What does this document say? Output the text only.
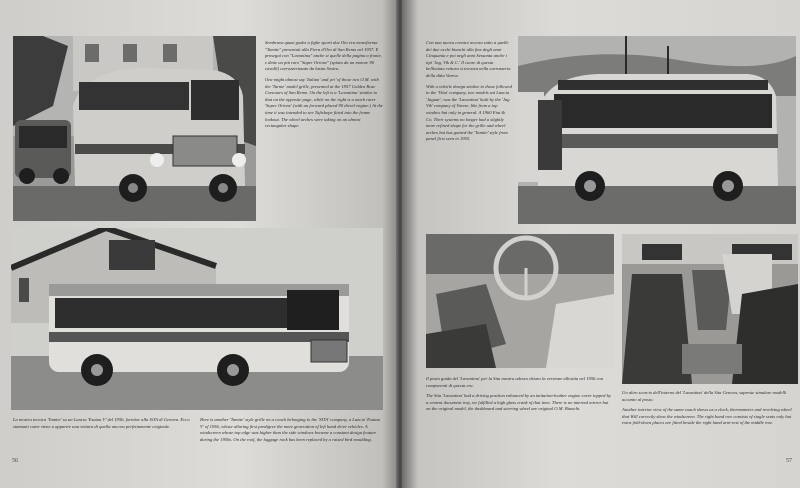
Sembrava quasi godes a fighe sporti due Oto era monoforma "Tamite" presentati alla Fiera d'Oro di San Remo nel 1957. E proseguì con "Lavantina" anche si quelle della pagina a fronte, e dette un più raro "Super Orione" (spinta da un motore 90 cavalli) carrozzerizzato da lastia Sostra.

One might almost say 'Italian' and yet 'of those two O.M. with the 'Tarme' model grille, presented at the 1957 Golden Rose Concours of San Remo. On the left is a 'Lavantina' similar to that on the opposite page, while on the right is a much rarer 'Super Orione' (with an forward placed 90 diesel engine.) At the time it was intended to see Tuftshope fitted into the frame lookout. The wheel arches were taking on an almost rectangular shape.

La mostra tecnica 'Tamite' su un Lancia 'Esatau V' del 1956, fornitor alla SiTA di Genova. Ecco stamanti come viene a apparire una vettura di quella ancora perfettamente originale.

Here is another 'Tamite' style grille on a coach belonging to the 'SITA' company, a Lancia 'Esatau V' of 1956, whose alluring first predigree the more generation of left hand drive vehicles. A windscreen whose top edge was higher than the side windows became a constant design feature during the 1950s. On the roof, the luggage rack has been replaced by a raised bird moulding.

56

Con una nuova cornice accesa sotto a quelle dei due occhi bianchi alla fine degli anni Cinquanta e poi negli anni Sessanta anche i tipi 'Jag, Vik & C.' Il cuore di questa bellissima vettura si trovava nella carrozzeria della ditta Varese.

With a vehicle design similar to those followed in the 'Vitta' company, two models sat Lancia 'Jaguar', was the 'Lavantina' built by the 'Jag Vik' company of Varese, like from a top window but only in general. A 1960 Fiat & Co. Their systems no longer had a slightly more refined shape for the grille and wheel arches but has gained the 'Tamite' style from panel first seen in 1955.

Il posto guida del 'Lavantina' per la Sita mostra adesso chiaro la versione allestita nel 1956 con componenti di questa era.

The Sita 'Lavantina' had a driving position enhanced by an imitation-leather engine cover topped by a cement document tray, we fulfilled a high glass crank of that time. There is no internal mirror but on the original model, the dashboard and steering wheel are original O.M. Bianchi.

Un altro scorcio dell'interno del 'Lavantina' della Sita Genova, sapreste simulare modelli accanto al posto.

Another interior view of the same coach shows us a clock, thermometer and revolving wheel that Will correctly show the windscreen. The right hand row consists of single seats only but extra fold-down places are fitted beside the right hand arm-rest of the middle row.

57
